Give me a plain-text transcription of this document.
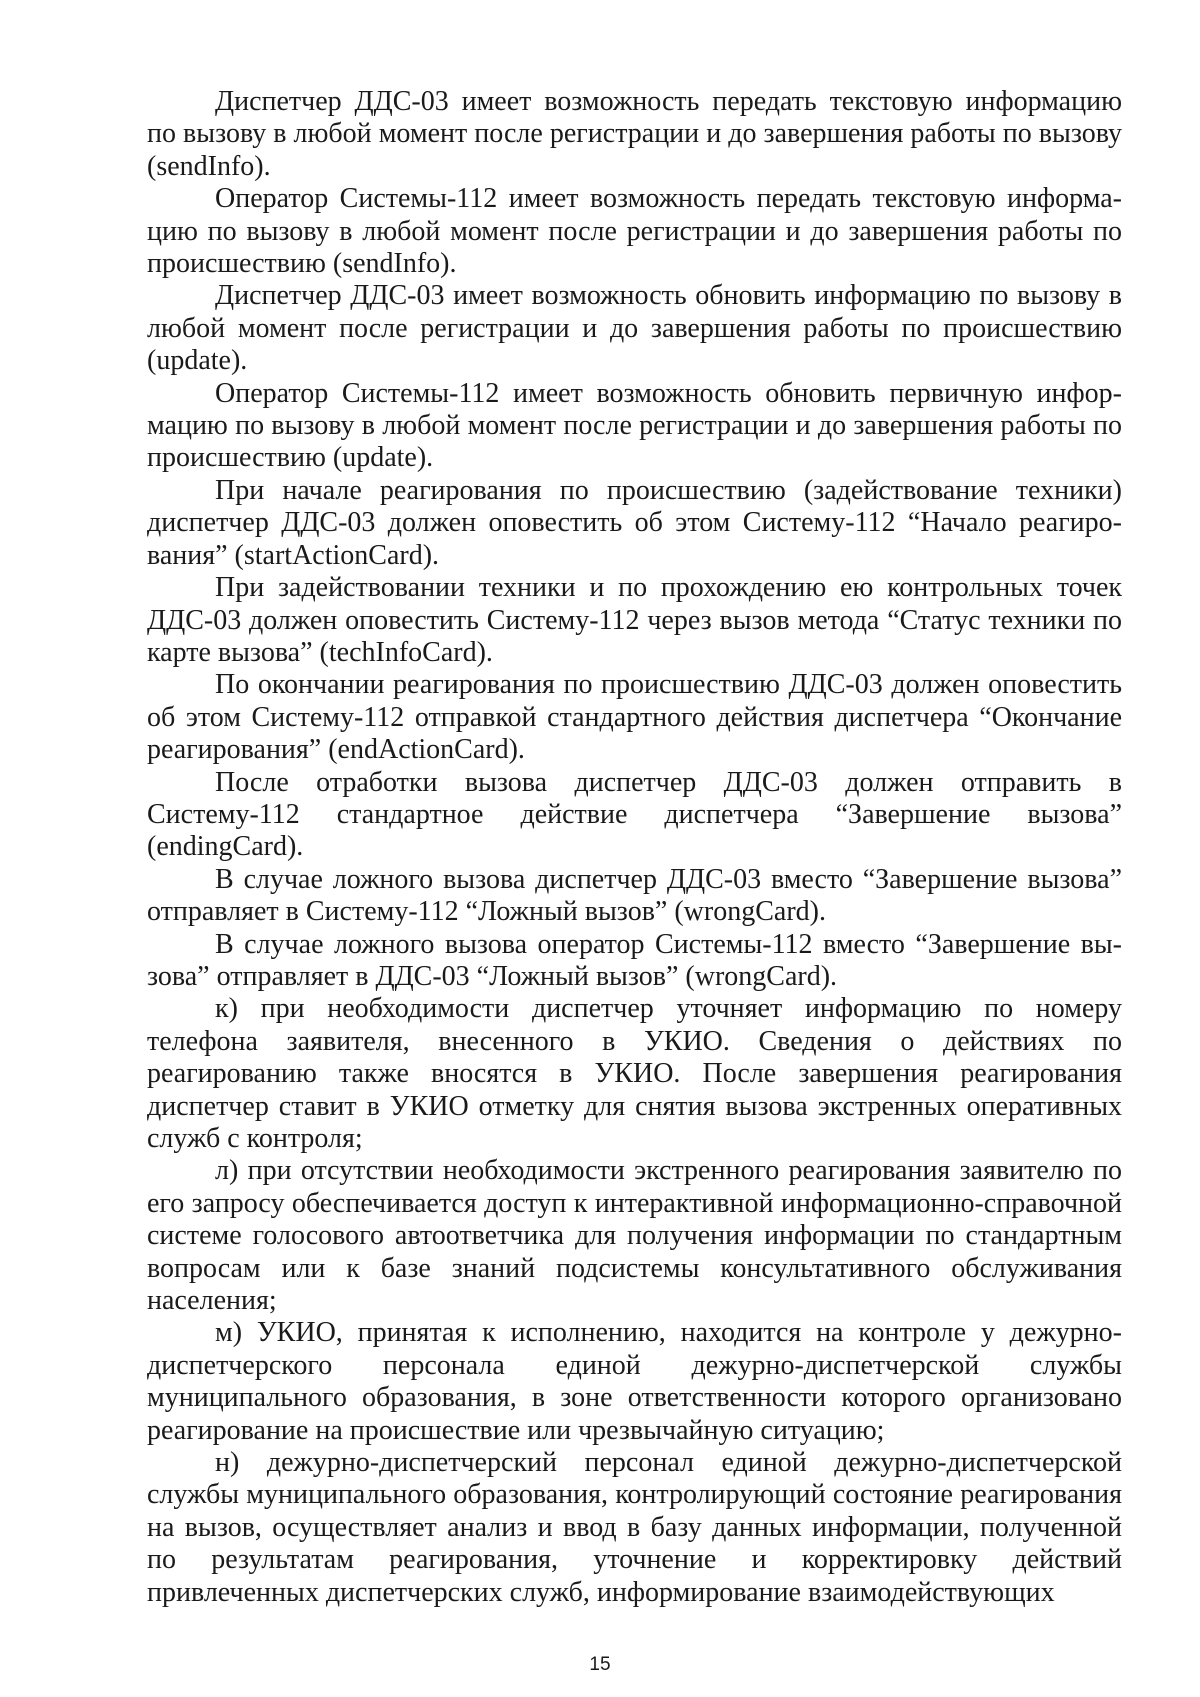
Диспетчер ДДС-03 имеет возможность передать текстовую информацию по вызову в любой момент после регистрации и до завершения работы по вызову (sendInfo).

Оператор Системы-112 имеет возможность передать текстовую информацию по вызову в любой момент после регистрации и до завершения работы по происшествию (sendInfo).

Диспетчер ДДС-03 имеет возможность обновить информацию по вызову в любой момент после регистрации и до завершения работы по происшествию (update).

Оператор Системы-112 имеет возможность обновить первичную информацию по вызову в любой момент после регистрации и до завершения работы по происшествию (update).

При начале реагирования по происшествию (задействование техники) диспетчер ДДС-03 должен оповестить об этом Систему-112 “Начало реагирования” (startActionCard).

При задействовании техники и по прохождению ею контрольных точек ДДС-03 должен оповестить Систему-112 через вызов метода “Статус техники по карте вызова” (techInfoCard).

По окончании реагирования по происшествию ДДС-03 должен оповестить об этом Систему-112 отправкой стандартного действия диспетчера “Окончание реагирования” (endActionCard).

После отработки вызова диспетчер ДДС-03 должен отправить в Систему-112 стандартное действие диспетчера “Завершение вызова” (endingCard).

В случае ложного вызова диспетчер ДДС-03 вместо “Завершение вызова” отправляет в Систему-112 “Ложный вызов” (wrongCard).

В случае ложного вызова оператор Системы-112 вместо “Завершение вызова” отправляет в ДДС-03 “Ложный вызов” (wrongCard).

к) при необходимости диспетчер уточняет информацию по номеру телефона заявителя, внесенного в УКИО. Сведения о действиях по реагированию также вносятся в УКИО. После завершения реагирования диспетчер ставит в УКИО отметку для снятия вызова экстренных оперативных служб с контроля;

л) при отсутствии необходимости экстренного реагирования заявителю по его запросу обеспечивается доступ к интерактивной информационно-справочной системе голосового автоответчика для получения информации по стандартным вопросам или к базе знаний подсистемы консультативного обслуживания населения;

м) УКИО, принятая к исполнению, находится на контроле у дежурно-диспетчерского персонала единой дежурно-диспетчерской службы муниципального образования, в зоне ответственности которого организовано реагирование на происшествие или чрезвычайную ситуацию;

н) дежурно-диспетчерский персонал единой дежурно-диспетчерской службы муниципального образования, контролирующий состояние реагирования на вызов, осуществляет анализ и ввод в базу данных информации, полученной по результатам реагирования, уточнение и корректировку действий привлеченных диспетчерских служб, информирование взаимодействующих

15
